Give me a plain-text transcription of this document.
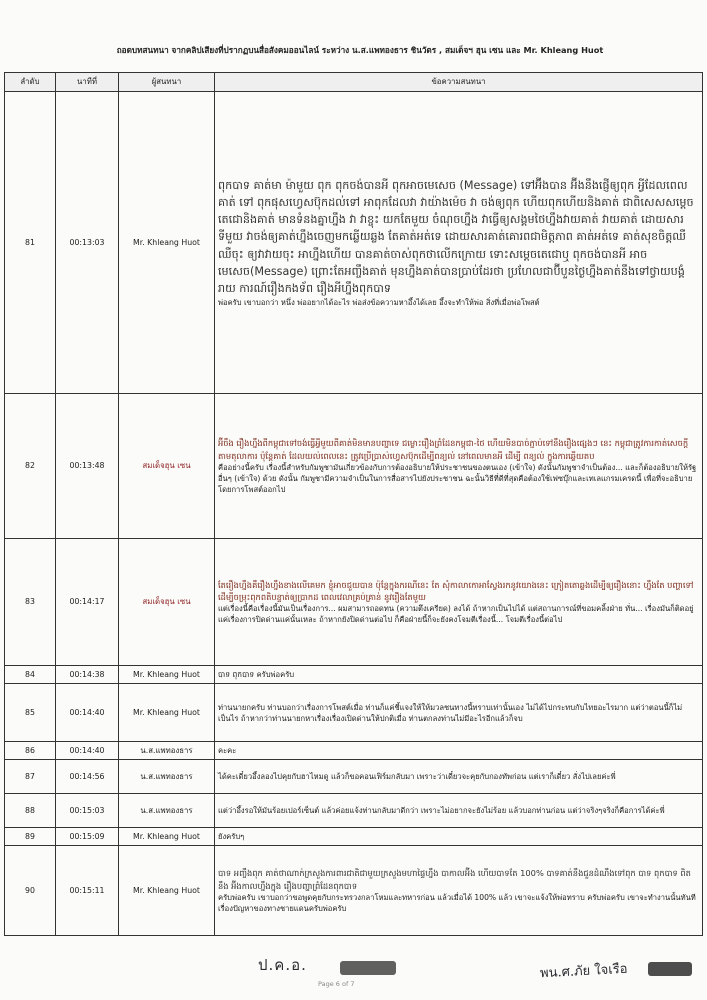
ถอดบทสนทนา จากคลิปเสียงที่ปรากฏบนสื่อสังคมออนไลน์ ระหว่าง น.ส.แพทองธาร ชินวัตร , สมเด็จฯ ฮุน เซน และ Mr. Khleang Huot
ลำดับ	นาทีที่	ผู้สนทนา	ข้อความสนทนา
81	00:13:03	Mr. Khleang Huot	ពុកបាទ គាត់មា ម៉ាមួយ ពុក ពុកចង់បានអី ពុកអាចមេសេច (Message) ទៅអ៊ីងបាន អ៊ីងនឹងផ្ញើឲ្យពុក អ្វីដែលពេលគាត់ ទៅ ពុកផុសហ្វេសប៊ុកដល់ទៅ អាពុកដែលវា វាយ៉ាងម៉េច វា ចង់ឲ្យពុក ហើយពុកហើយនិងគាត់ ជាពិសេសសម្តេច តេជោនិងគាត់ មានទំនងគ្នាហ្នឹង វា វាខ្ចុះ យកតែមួយ ចំណុចហ្នឹង វាធ្វើឲ្យសង្គមថៃហ្នឹងវាយគាត់ វាយគាត់ ដោយសារទីមួយ វាចង់ឲ្យគាត់ហ្នឹងចេញមកឆ្លើយឆ្លង តែគាត់អត់ទេ ដោយសារគាត់គោរពជាមិត្តភាព គាត់អត់ទេ គាត់សុខចិត្តឈឺ ឈឺចុះ ឲ្យវាវាយចុះ អាហ្នឹងហើយ បានគាត់ចាស់ពុកថាលើកក្រោយ ទោះសម្តេចតេជោឬ ពុកចង់បានអី អាចមេសេច(Message) ព្រោះតែអញ្ចឹងគាត់ មុនហ្នឹងគាត់បានប្រាប់ដែរថា ប្រហែលជាប៊ីបួនថ្ងៃហ្នឹងគាត់នឹងទៅថ្វាយបង្គំរាយ ការណ៍រឿងកងទ័ព រឿងអីហ្នឹងពុកបាទ
พ่อครับ เขาบอกว่า หนึ่ง พ่ออยากได้อะไร พ่อส่งข้อความหาอึ้งได้เลย อึ้งจะทำให้พ่อ สิ่งที่เมื่อพ่อโพสต์

82	00:13:48	สมเด็จฮุน เซน	អ៊ីចឹង រឿងហ្នឹងពីកម្ពុជាទៅចង់ធ្វើអ្វីមួយពីគាត់មិនមានបញ្ហាទេ ជម្លោះរឿងព្រំដែនកម្ពុជា-ថៃ ហើយមិនបាច់ភ្ជាប់ទៅនឹងរឿងផ្សេងៗ នេះ កម្ពុជាត្រូវការកាត់សេចក្តីតាមតុលាការ ប៉ុន្តែគាត់ ដែលយល់ពេលនេះ ត្រូវប្រើប្រាស់ហ្វេសប៊ុកដើម្បីពន្យល់ នៅពេលមានអី ដើម្បី ពន្យល់ ក្នុងការឆ្លើយតប
คืออย่างนี้ครับ เรื่องนี้สำหรับกัมพูชามันเกี่ยวข้องกับการต้องอธิบายให้ประชาชนของตนเอง (เข้าใจ) ดังนั้นกัมพูชาจำเป็นต้อง... และก็ต้องอธิบายให้รัฐอื่นๆ (เข้าใจ) ด้วย ดังนั้น กัมพูชามีความจำเป็นในการสื่อสารไปยังประชาชน ฉะนั้นวิธีที่ดีที่สุดคือต้องใช้เฟซบุ๊กและเทเลแกรมเครดนี้ เพื่อที่จะอธิบาย โดยการโพสต์ออกไป

83	00:14:17	สมเด็จฮุน เซน	តែរឿងហ្នឹងគឺរឿងហ្នឹងខាងលើគេមក ខ្ញុំអាចជួយបាន ប៉ុន្តែក្នុងករណីនេះ តែ សុំកាលាកោអាស្វែងរកនូវយោងនេះ ក្រៀតតោឆ្លងដើម្បីឲ្យរឿងនោះ ហ្នឹងតែ បញ្ហាទៅ ដើម្បីចម្រុះពុកពតិបន្ទាត់ឲ្យប្រាកដ ពេលវេលាគ្រប់គ្រាន់ នូវរឿងតែមួយ
แต่เรื่องนี้คือเรื่องนี้มันเป็นเรื่องการ... ผมสามารถอดทน (ความตึงเครียด) ลงได้ ถ้าหากเป็นไปได้ แต่สถานการณ์ที่ขอมคลิ้งฝ่าย ทั่น... เรื่องมันก็ติดอยู่แค่เรื่องการปิดด่านแค่นั้นเหละ ถ้าหากยังปิดด่านต่อไป ก็คือฝ่ายนี้ก็จะยังคงโจมตีเรื่องนี้... โจมตีเรื่องนี้ต่อไป

84	00:14:38	Mr. Khleang Huot	បាទ ពុកបាទ ครับพ่อครับ

85	00:14:40	Mr. Khleang Huot	ท่านนายกครับ ท่านบอกว่าเรื่องการโพสต์เมื่อ ท่านก็แค่ชี้แจงให้ให้มวลชนทางนี้ทราบเท่านั้นเอง ไม่ได้ไปกระทบกับไทยอะไรมาก แต่ว่าตอนนี้ก็ไม่เป็นไร ถ้าหากว่าท่านนายกหาเรื่องเรื่องเปิดด่านให้ปกติเมื่อ ท่านตกลงท่านไม่มีอะไรอีกแล้วก็จบ

86	00:14:40	น.ส.แพทองธาร	คะคะ

87	00:14:56	น.ส.แพทองธาร	ได้คะเดี๋ยวอึ้งลองไปคุยกับฮาไหมดู แล้วก็ขอคอนเฟิร์มกลับมา เพราะว่าเดี๋ยวจะคุยกับกองทัพก่อน แต่เราก็เดี๋ยว สั่งไปเลยค่ะพี่

88	00:15:03	น.ส.แพทองธาร	แต่ว่าอึ้งรอให้มันร้อยเปอร์เซ็นต์ แล้วค่อยแจ้งท่านกลับมาดีกว่า เพราะไม่อยากจะยังไม่ร้อย แล้วบอกท่านก่อน แต่ว่าจริงๆจริงก็คือการได้ค่ะพี่

89	00:15:09	Mr. Khleang Huot	ยังครับๆ

90	00:15:11	Mr. Khleang Huot	បាទ អញ្ចឹងពុក គាត់ថាណាក់ក្រសួងការពារជាតិជាមួយក្រសួងមហាផ្ទៃហ្នឹង បាកាលអ៊ីង ហើយបាទតែ 100% បាទគាត់នឹងជួនដំណឹងទៅពុក បាទ ពុកបាទ ពិតនឹង អ៊ីងកាលហ្នឹងក្នុង រឿងបញ្ហាព្រំដែនពុកបាទ
ครับพ่อครับ เขาบอกว่าขอพูดคุยกับกระทรวงกลาโหมและทหารก่อน แล้วเมื่อได้ 100% แล้ว เขาจะแจ้งให้พ่อทราบ ครับพ่อครับ เขาจะทำงานนั้นทันที เรื่องปัญหาของทางชายแดนครับพ่อครับ
ป.ค.อ.
Page 6 of 7
พน.ศ.ภัย ใจเรือ
